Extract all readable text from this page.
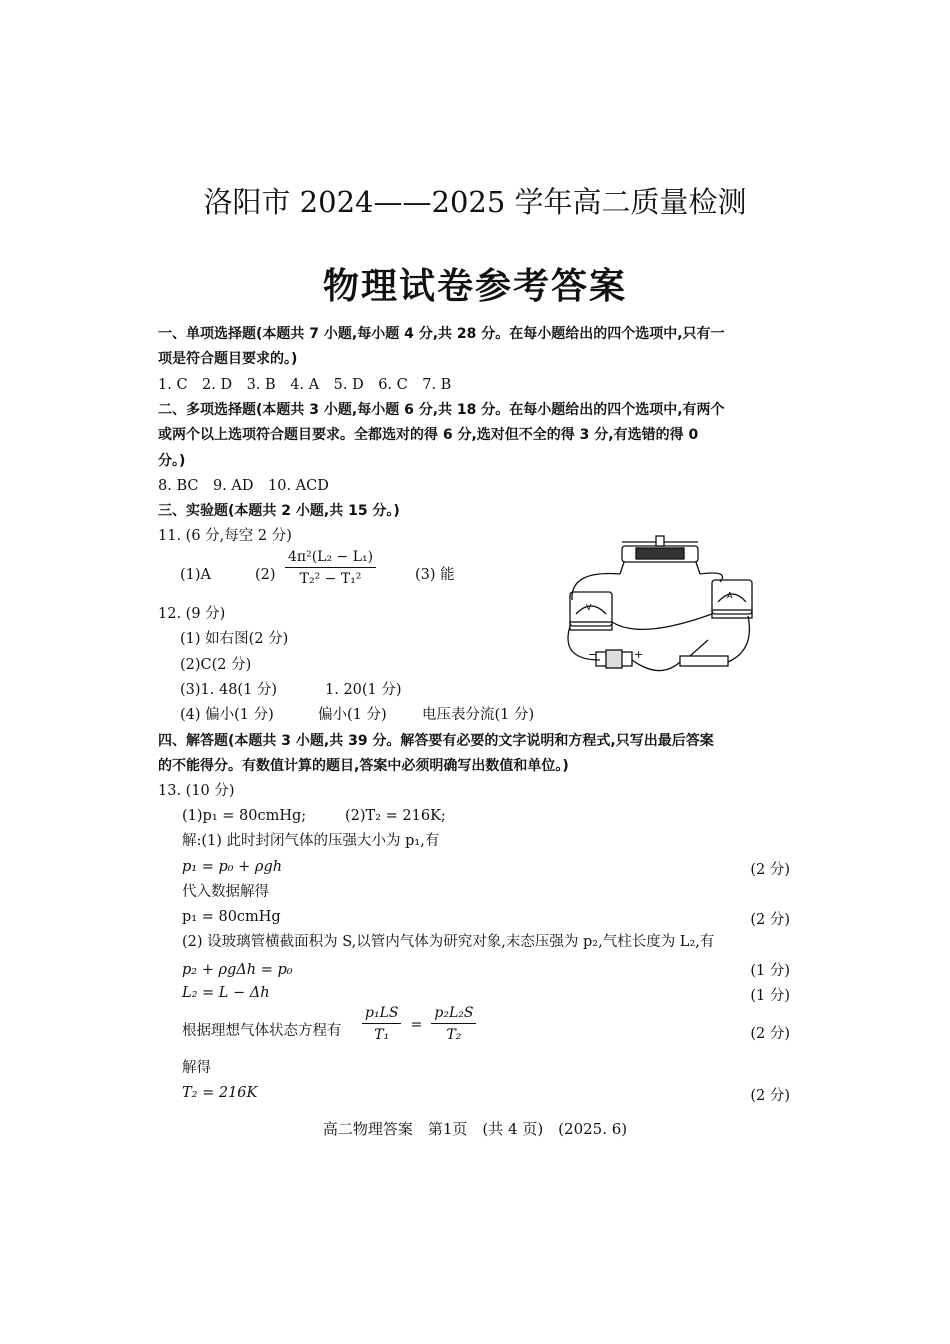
洛阳市 2024——2025 学年高二质量检测
物理试卷参考答案
一、单项选择题(本题共 7 小题,每小题 4 分,共 28 分。在每小题给出的四个选项中,只有一
项是符合题目要求的。)
1. C　2. D　3. B　4. A　5. D　6. C　7. B
二、多项选择题(本题共 3 小题,每小题 6 分,共 18 分。在每小题给出的四个选项中,有两个
或两个以上选项符合题目要求。全都选对的得 6 分,选对但不全的得 3 分,有选错的得 0
分。)
8. BC　9. AD　10. ACD
三、实验题(本题共 2 小题,共 15 分。)
11. (6 分,每空 2 分)
(1)A	$(2) \frac{\text{4π²(L₂ − L₁)}}{\text{T₂² − T₁²}}$	(3) 能
12. (9 分)
(1) 如右图(2 分)
(2)C(2 分)
(3)1. 48(1 分)	1. 20(1 分)
(4) 偏小(1 分)	偏小(1 分) 电压表分流(1 分)
V
A
−	+
四、解答题(本题共 3 小题,共 39 分。解答要有必要的文字说明和方程式,只写出最后答案
的不能得分。有数值计算的题目,答案中必须明确写出数值和单位。)
13. (10 分)
(1)p₁ = 80cmHg;	(2)T₂ = 216K;
解:(1) 此时封闭气体的压强大小为 p₁,有
p₁ = p₀ + ρgh	(2 分)
代入数据解得
p₁ = 80cmHg	(2 分)
(2) 设玻璃管横截面积为 S,以管内气体为研究对象,末态压强为 p₂,气柱长度为 L₂,有
p₂ + ρgΔh = p₀	(1 分)
L₂ = L − Δh	(1 分)
根据理想气体状态方程有 $\frac{\text{p₁LS}}{\text{T₁}} = \frac{\text{p₂L₂S}}{\text{T₂}}$	(2 分)
解得
T₂ = 216K	(2 分)
高二物理答案　第1页　(共 4 页)　(2025. 6)
